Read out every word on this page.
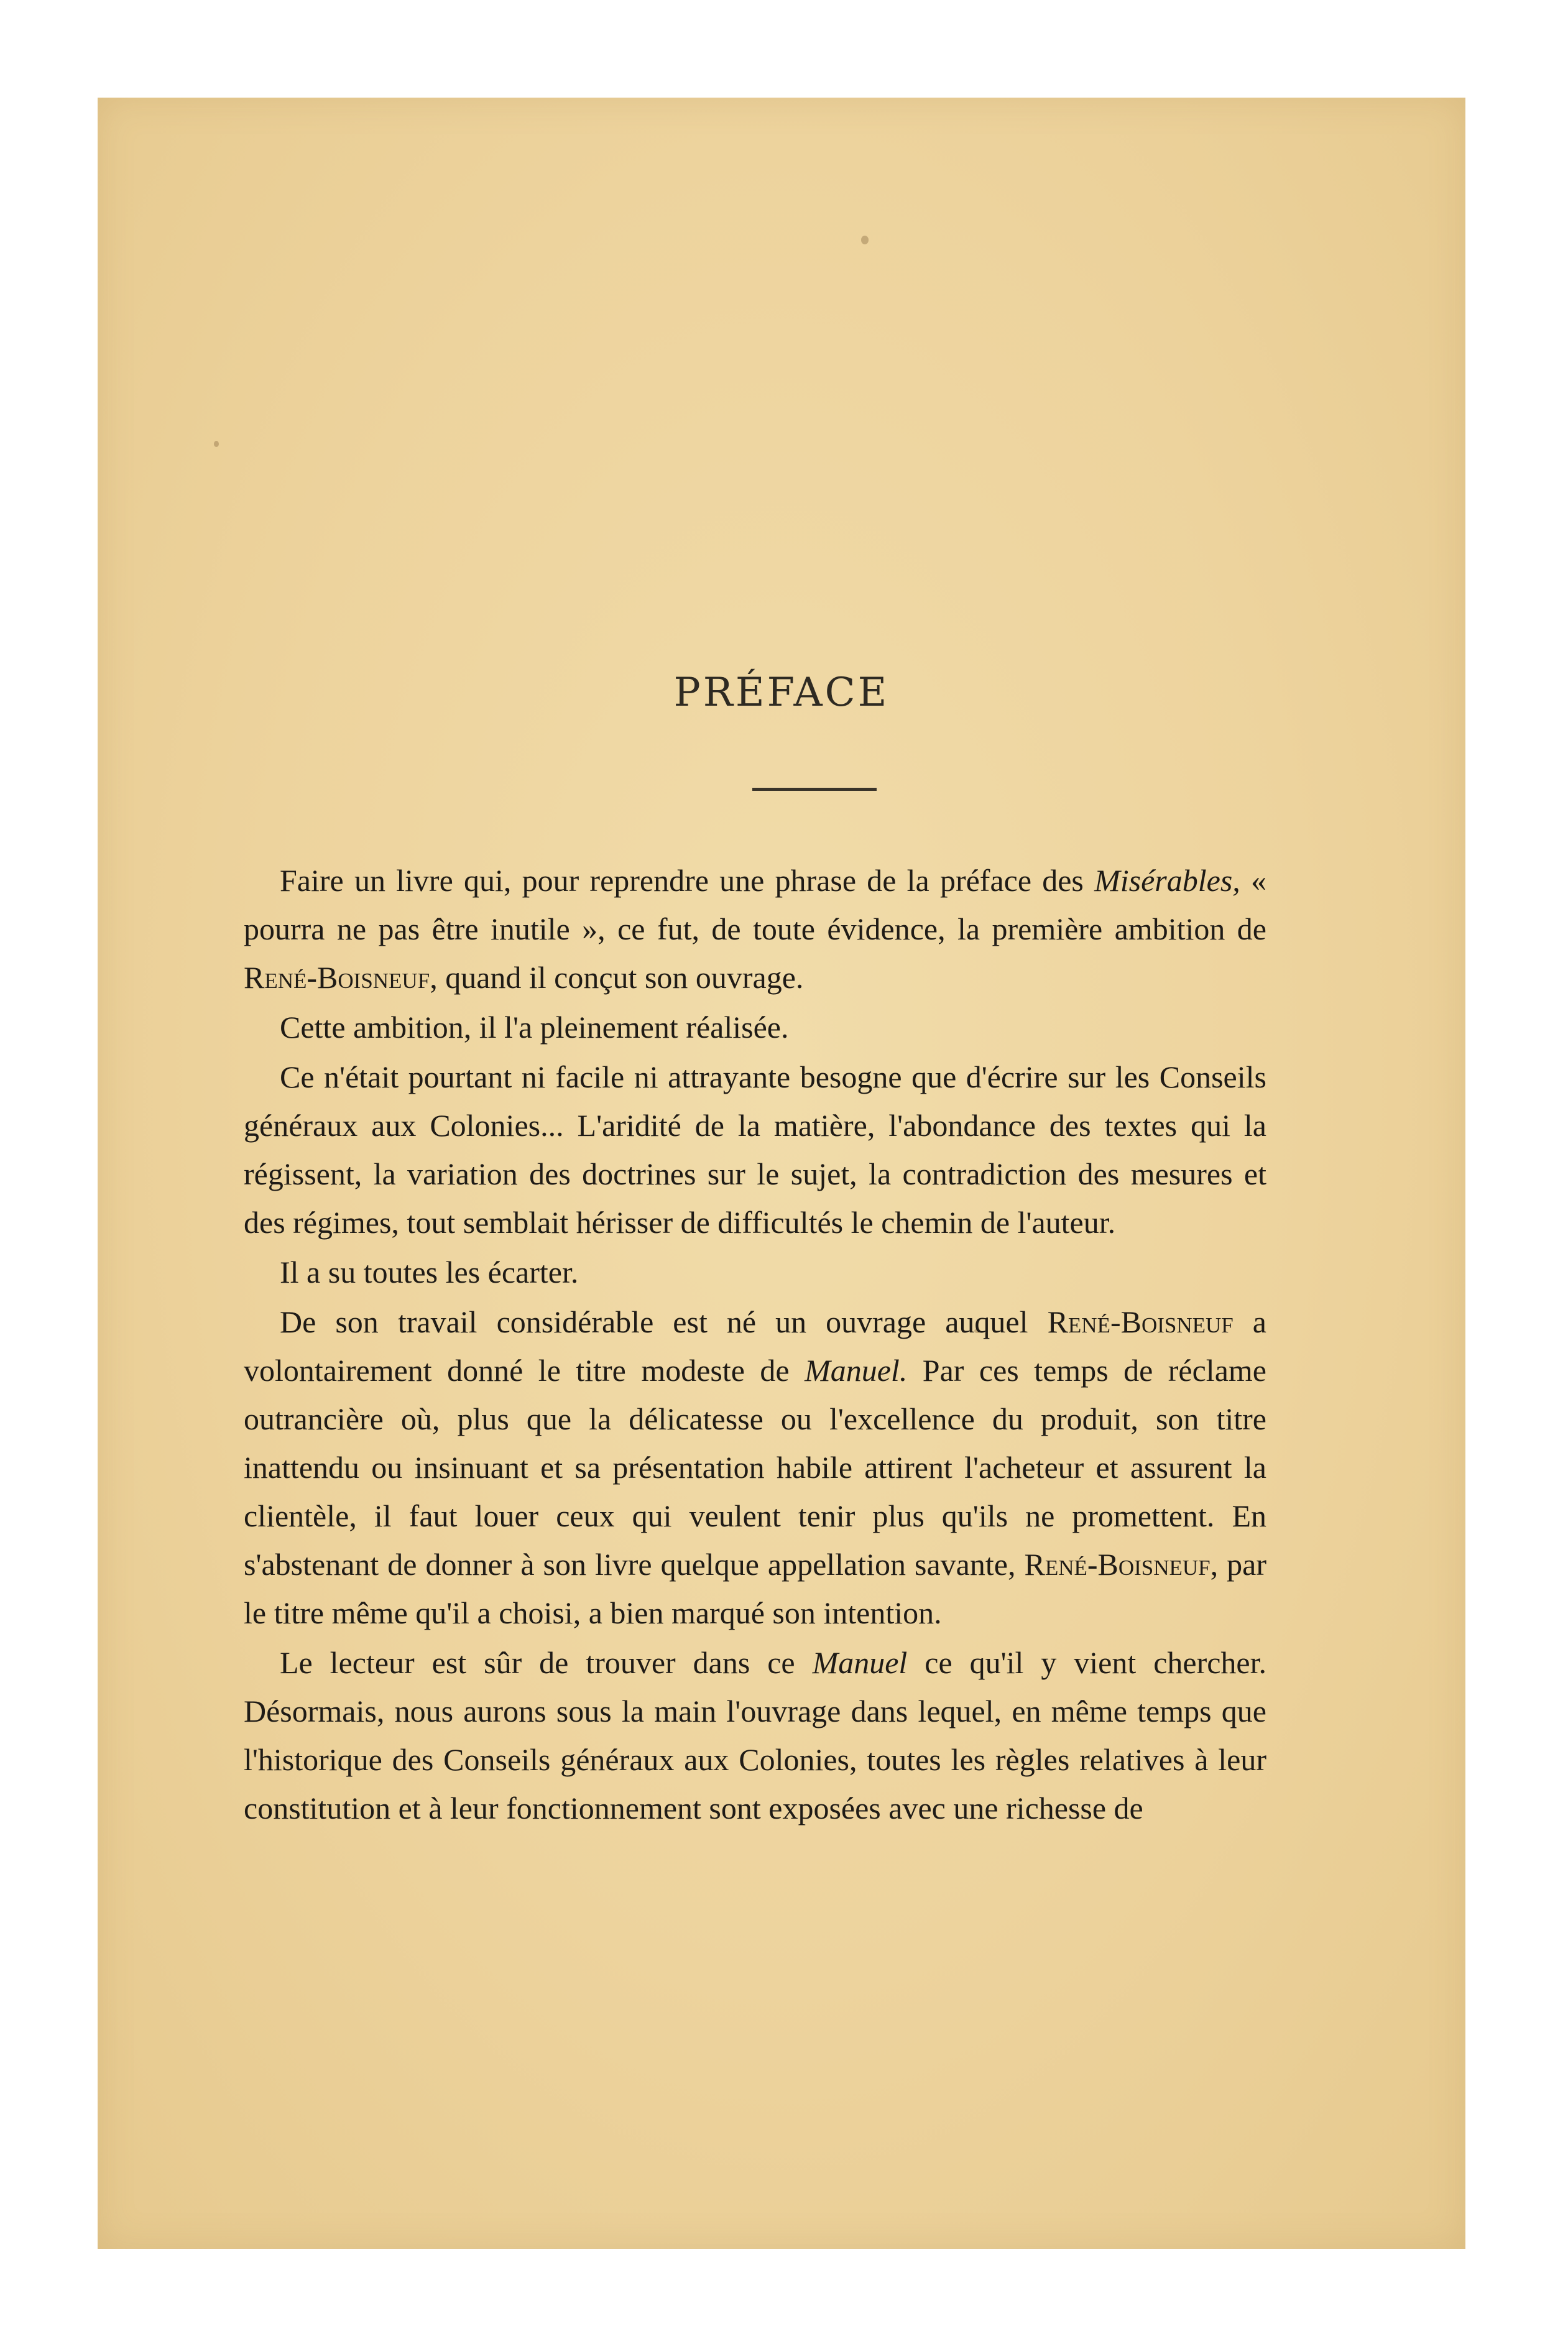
PRÉFACE

Faire un livre qui, pour reprendre une phrase de la préface des Misérables, « pourra ne pas être inutile », ce fut, de toute évidence, la première ambition de René-Boisneuf, quand il conçut son ouvrage.

Cette ambition, il l'a pleinement réalisée.

Ce n'était pourtant ni facile ni attrayante besogne que d'écrire sur les Conseils généraux aux Colonies... L'aridité de la matière, l'abondance des textes qui la régissent, la variation des doctrines sur le sujet, la contradiction des mesures et des régimes, tout semblait hérisser de difficultés le chemin de l'auteur.

Il a su toutes les écarter.

De son travail considérable est né un ouvrage auquel René-Boisneuf a volontairement donné le titre modeste de Manuel. Par ces temps de réclame outrancière où, plus que la délicatesse ou l'excellence du produit, son titre inattendu ou insinuant et sa présentation habile attirent l'acheteur et assurent la clientèle, il faut louer ceux qui veulent tenir plus qu'ils ne promettent. En s'abstenant de donner à son livre quelque appellation savante, René-Boisneuf, par le titre même qu'il a choisi, a bien marqué son intention.

Le lecteur est sûr de trouver dans ce Manuel ce qu'il y vient chercher. Désormais, nous aurons sous la main l'ouvrage dans lequel, en même temps que l'historique des Conseils généraux aux Colonies, toutes les règles relatives à leur constitution et à leur fonctionnement sont exposées avec une richesse de
